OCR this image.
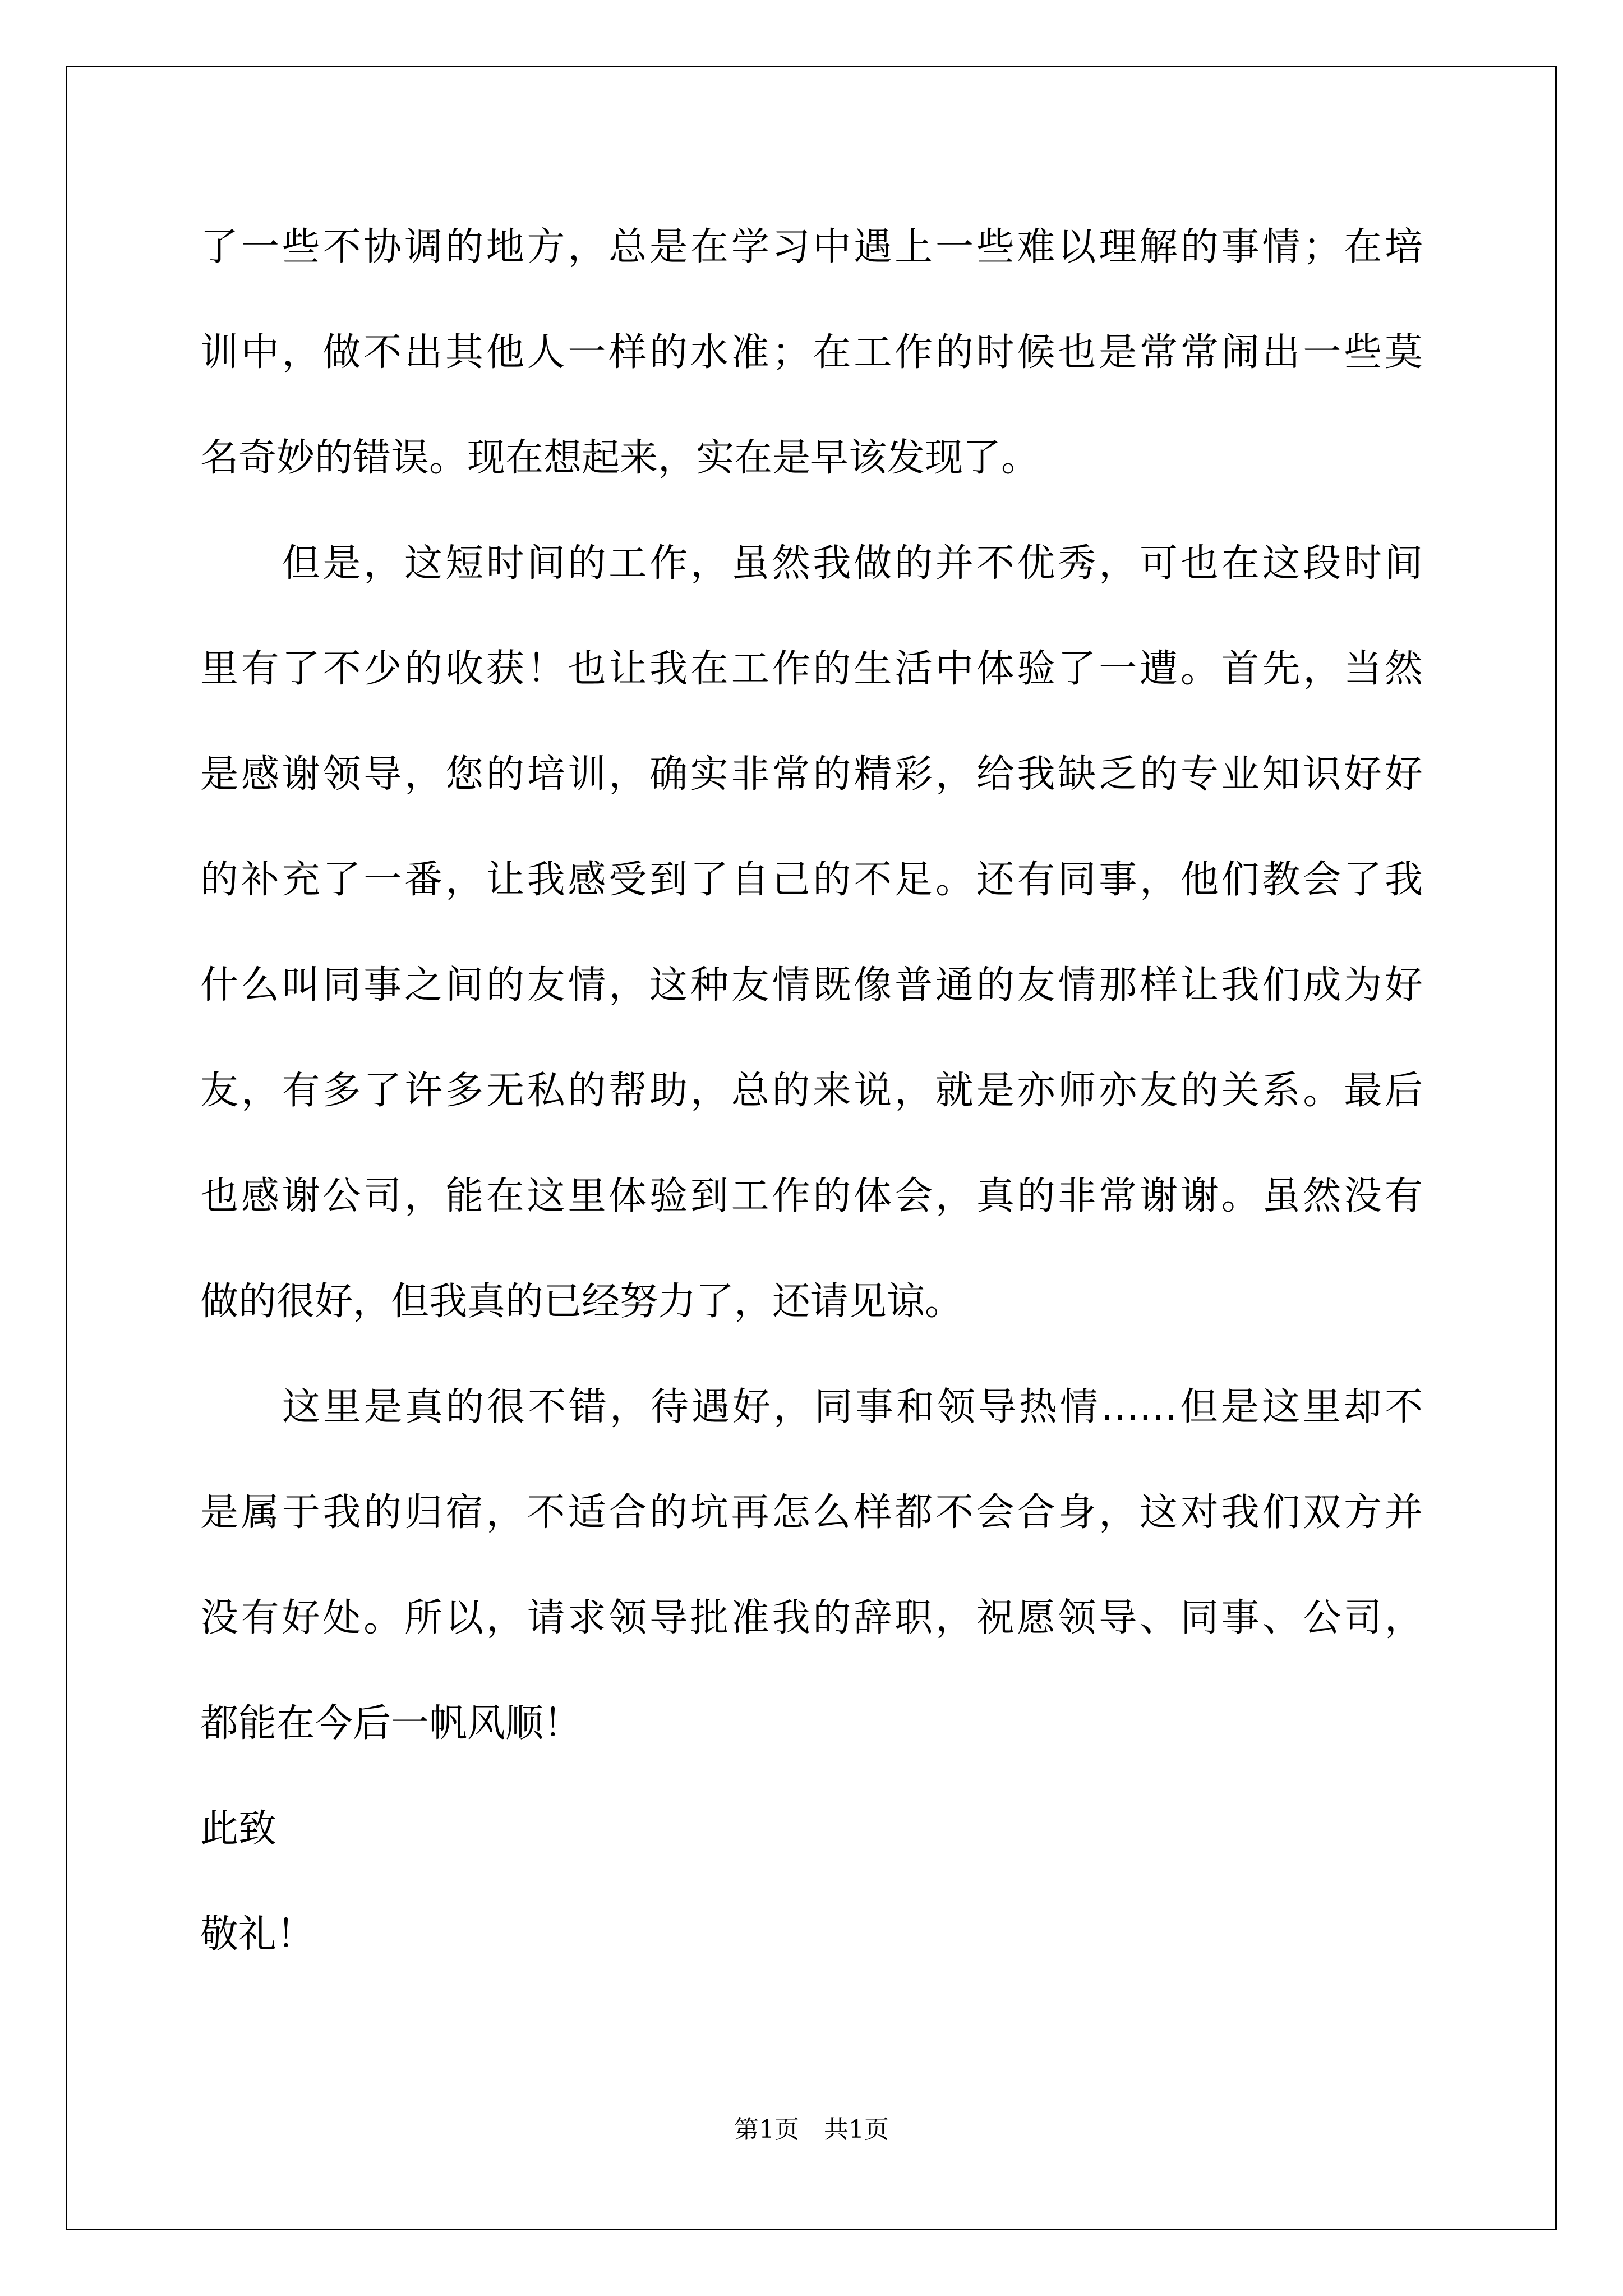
了一些不协调的地方，总是在学习中遇上一些难以理解的事情；在培
训中，做不出其他人一样的水准；在工作的时候也是常常闹出一些莫
名奇妙的错误。现在想起来，实在是早该发现了。
　　但是，这短时间的工作，虽然我做的并不优秀，可也在这段时间
里有了不少的收获！也让我在工作的生活中体验了一遭。首先，当然
是感谢领导，您的培训，确实非常的精彩，给我缺乏的专业知识好好
的补充了一番，让我感受到了自己的不足。还有同事，他们教会了我
什么叫同事之间的友情，这种友情既像普通的友情那样让我们成为好
友，有多了许多无私的帮助，总的来说，就是亦师亦友的关系。最后
也感谢公司，能在这里体验到工作的体会，真的非常谢谢。虽然没有
做的很好，但我真的已经努力了，还请见谅。
　　这里是真的很不错，待遇好，同事和领导热情……但是这里却不
是属于我的归宿，不适合的坑再怎么样都不会合身，这对我们双方并
没有好处。所以，请求领导批准我的辞职，祝愿领导、同事、公司，
都能在今后一帆风顺！
此致
敬礼！
第1页　共1页
